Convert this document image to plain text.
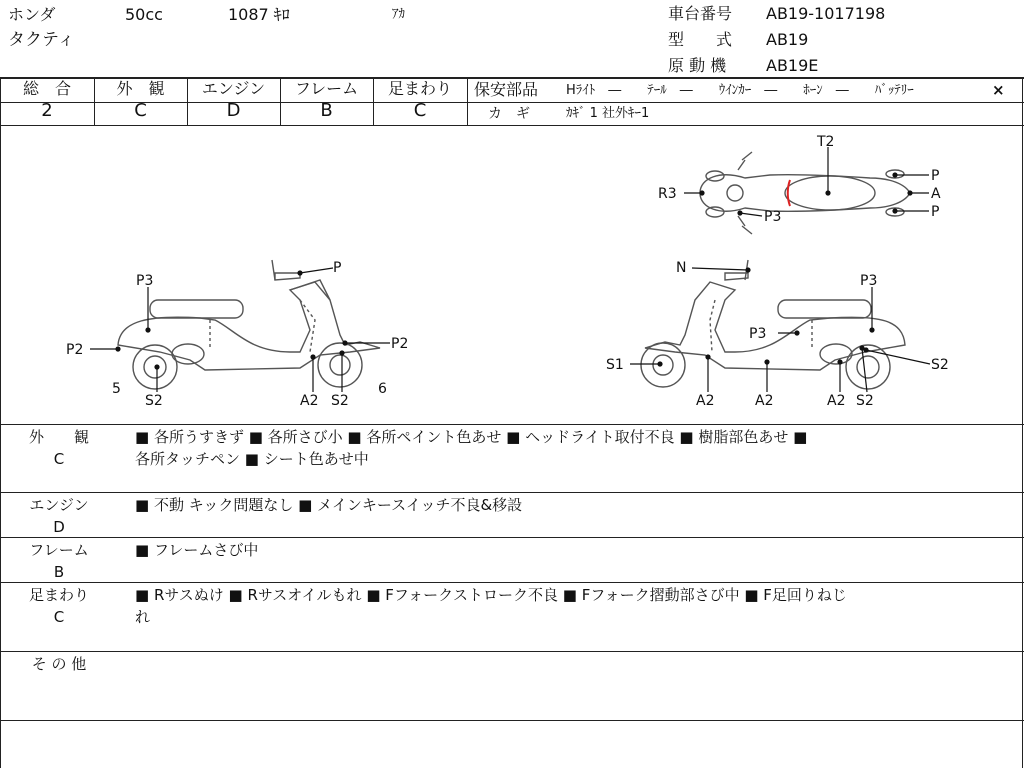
ホンダ	50cc	1087 ｷﾛ	ｱｶ
タクティ
車台番号 AB19-1017198
型　　式 AB19
原 動 機 AB19E
総　合
2
外　観
C
エンジン
D
フレーム
B
足まわり
C
保安部品 Hﾗｲﾄ　―　　ﾃｰﾙ　―　　ｳｲﾝｶｰ　―　　ﾎｰﾝ　―　　ﾊﾞｯﾃﾘｰ	×
カ　ギ	ｶｷﾞ 1 社外ｷｰ1
P3
P
P2	P2
5
S2	A2 S2
6
T2
P
A
P
R3
P3
N
P3
P3
S1	S2
A2	A2	A2 S2
外　　観
C
■ 各所うすきず ■ 各所さび小 ■ 各所ペイント色あせ ■ ヘッドライト取付不良 ■ 樹脂部色あせ ■
各所タッチペン ■ シート色あせ中
エンジン
D
■ 不動 キック問題なし ■ メインキースイッチ不良&移設
フレーム
B
■ フレームさび中
足まわり
C
■ Rサスぬけ ■ Rサスオイルもれ ■ Fフォークストローク不良 ■ Fフォーク摺動部さび中 ■ F足回りねじ
れ
そ の 他
